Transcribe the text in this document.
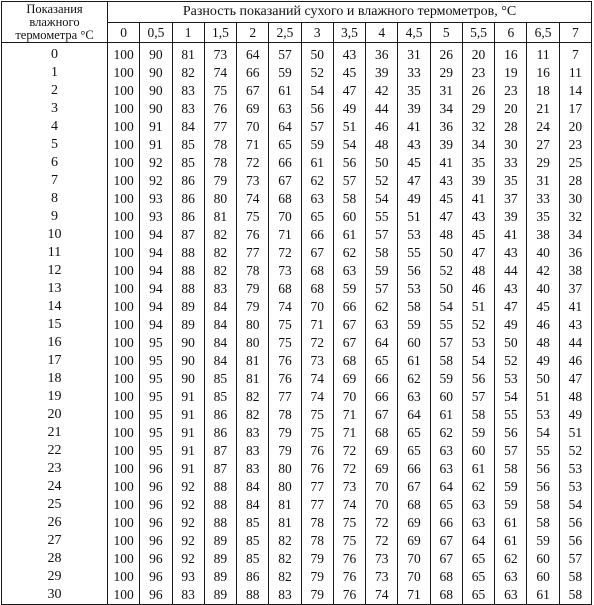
Показания влажного термометра °С	Разность показаний сухого и влажного термометров, °С														
	0	0,5	1	1,5	2	2,5	3	3,5	4	4,5	5	5,5	6	6,5	7
0	100	90	81	73	64	57	50	43	36	31	26	20	16	11	7
1	100	90	82	74	66	59	52	45	39	33	29	23	19	16	11
2	100	90	83	75	67	61	54	47	42	35	31	26	23	18	14
3	100	90	83	76	69	63	56	49	44	39	34	29	20	21	17
4	100	91	84	77	70	64	57	51	46	41	36	32	28	24	20
5	100	91	85	78	71	65	59	54	48	43	39	34	30	27	23
6	100	92	85	78	72	66	61	56	50	45	41	35	33	29	25
7	100	92	86	79	73	67	62	57	52	47	43	39	35	31	28
8	100	93	86	80	74	68	63	58	54	49	45	41	37	33	30
9	100	93	86	81	75	70	65	60	55	51	47	43	39	35	32
10	100	94	87	82	76	71	66	61	57	53	48	45	41	38	34
11	100	94	88	82	77	72	67	62	58	55	50	47	43	40	36
12	100	94	88	82	78	73	68	63	59	56	52	48	44	42	38
13	100	94	88	83	79	68	68	59	57	53	50	46	43	40	37
14	100	94	89	84	79	74	70	66	62	58	54	51	47	45	41
15	100	94	89	84	80	75	71	67	63	59	55	52	49	46	43
16	100	95	90	84	80	75	72	67	64	60	57	53	50	48	44
17	100	95	90	84	81	76	73	68	65	61	58	54	52	49	46
18	100	95	90	85	81	76	74	69	66	62	59	56	53	50	47
19	100	95	91	85	82	77	74	70	66	63	60	57	54	51	48
20	100	95	91	86	82	78	75	71	67	64	61	58	55	53	49
21	100	95	91	86	83	79	75	71	68	65	62	59	56	54	51
22	100	95	91	87	83	79	76	72	69	65	63	60	57	55	52
23	100	96	91	87	83	80	76	72	69	66	63	61	58	56	53
24	100	96	92	88	84	80	77	73	70	67	64	62	59	56	53
25	100	96	92	88	84	81	77	74	70	68	65	63	59	58	54
26	100	96	92	88	85	81	78	75	72	69	66	63	61	58	56
27	100	96	92	89	85	82	78	75	72	69	67	64	61	59	56
28	100	96	92	89	85	82	79	76	73	70	67	65	62	60	57
29	100	96	93	89	86	82	79	76	73	70	68	65	63	60	58
30	100	96	83	89	88	83	79	76	74	71	68	65	63	61	58
